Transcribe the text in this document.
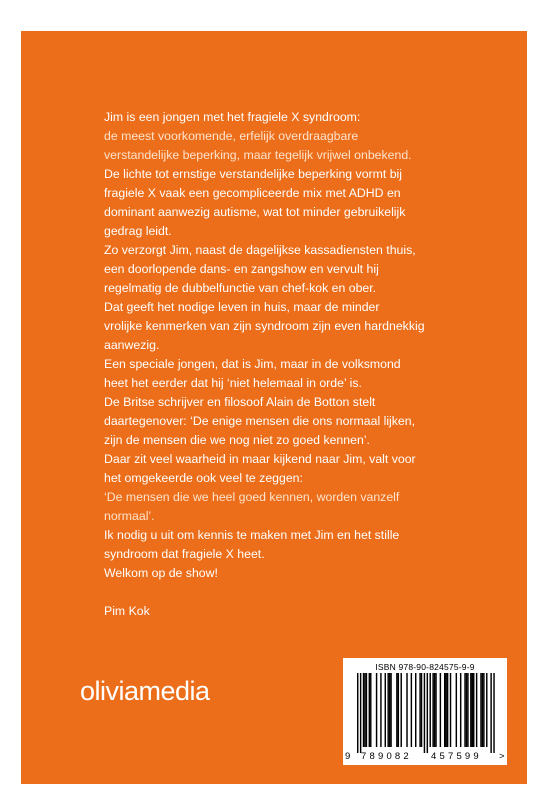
Jim is een jongen met het fragiele X syndroom:

de meest voorkomende, erfelijk overdraagbare

verstandelijke beperking, maar tegelijk vrijwel onbekend.

De lichte tot ernstige verstandelijke beperking vormt bij

fragiele X vaak een gecompliceerde mix met ADHD en

dominant aanwezig autisme, wat tot minder gebruikelijk

gedrag leidt.

Zo verzorgt Jim, naast de dagelijkse kassadiensten thuis,

een doorlopende dans- en zangshow en vervult hij

regelmatig de dubbelfunctie van chef-kok en ober.

Dat geeft het nodige leven in huis, maar de minder

vrolijke kenmerken van zijn syndroom zijn even hardnekkig

aanwezig.

Een speciale jongen, dat is Jim, maar in de volksmond

heet het eerder dat hij ‘niet helemaal in orde’ is.

De Britse schrijver en filosoof Alain de Botton stelt

daartegenover: ‘De enige mensen die ons normaal lijken,

zijn de mensen die we nog niet zo goed kennen’.

Daar zit veel waarheid in maar kijkend naar Jim, valt voor

het omgekeerde ook veel te zeggen:

‘De mensen die we heel goed kennen, worden vanzelf

normaal’.

Ik nodig u uit om kennis te maken met Jim en het stille

syndroom dat fragiele X heet.

Welkom op de show!

Pim Kok

oliviamedia
ISBN 978-90-824575-9-9
9 789082 457599 >
